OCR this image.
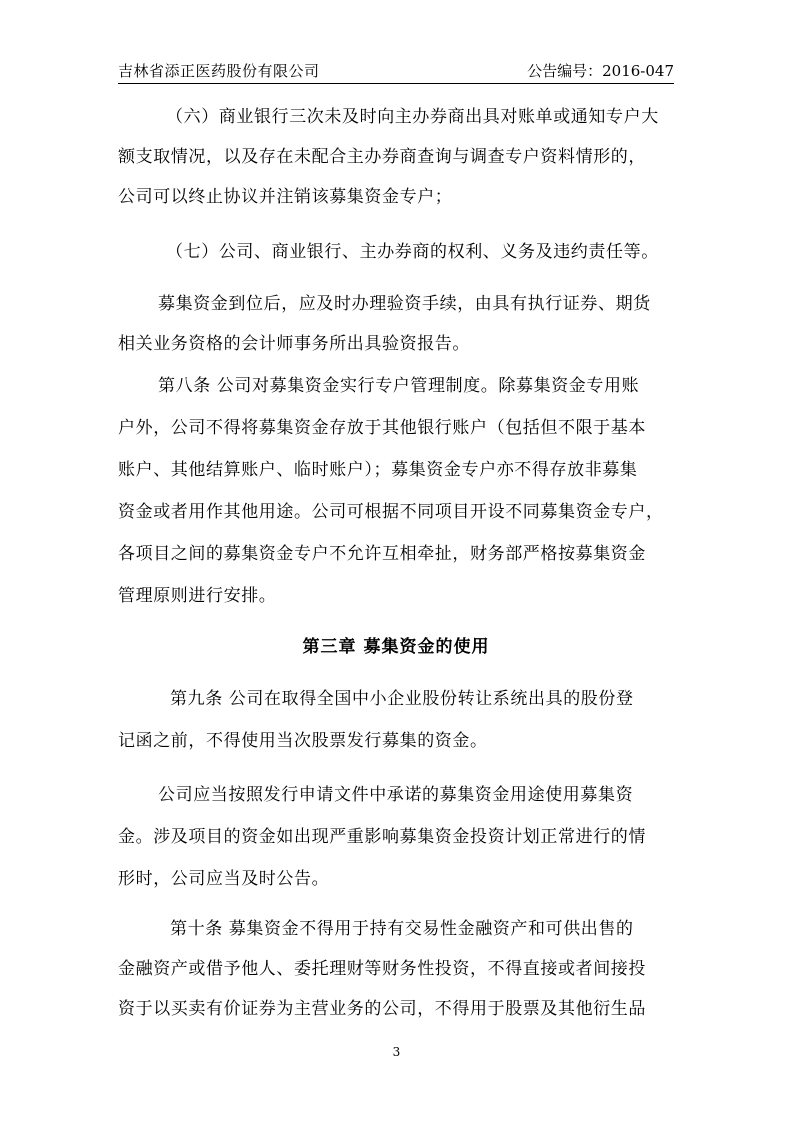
吉林省添正医药股份有限公司	公告编号：2016-047
（六）商业银行三次未及时向主办券商出具对账单或通知专户大
额支取情况，以及存在未配合主办券商查询与调查专户资料情形的，
公司可以终止协议并注销该募集资金专户；
（七）公司、商业银行、主办券商的权利、义务及违约责任等。
募集资金到位后，应及时办理验资手续，由具有执行证券、期货
相关业务资格的会计师事务所出具验资报告。
第八条 公司对募集资金实行专户管理制度。除募集资金专用账
户外，公司不得将募集资金存放于其他银行账户（包括但不限于基本
账户、其他结算账户、临时账户）；募集资金专户亦不得存放非募集
资金或者用作其他用途。公司可根据不同项目开设不同募集资金专户，
各项目之间的募集资金专户不允许互相牵扯，财务部严格按募集资金
管理原则进行安排。
第三章 募集资金的使用
第九条 公司在取得全国中小企业股份转让系统出具的股份登
记函之前，不得使用当次股票发行募集的资金。
公司应当按照发行申请文件中承诺的募集资金用途使用募集资
金。涉及项目的资金如出现严重影响募集资金投资计划正常进行的情
形时，公司应当及时公告。
第十条 募集资金不得用于持有交易性金融资产和可供出售的
金融资产或借予他人、委托理财等财务性投资，不得直接或者间接投
资于以买卖有价证券为主营业务的公司，不得用于股票及其他衍生品
3
